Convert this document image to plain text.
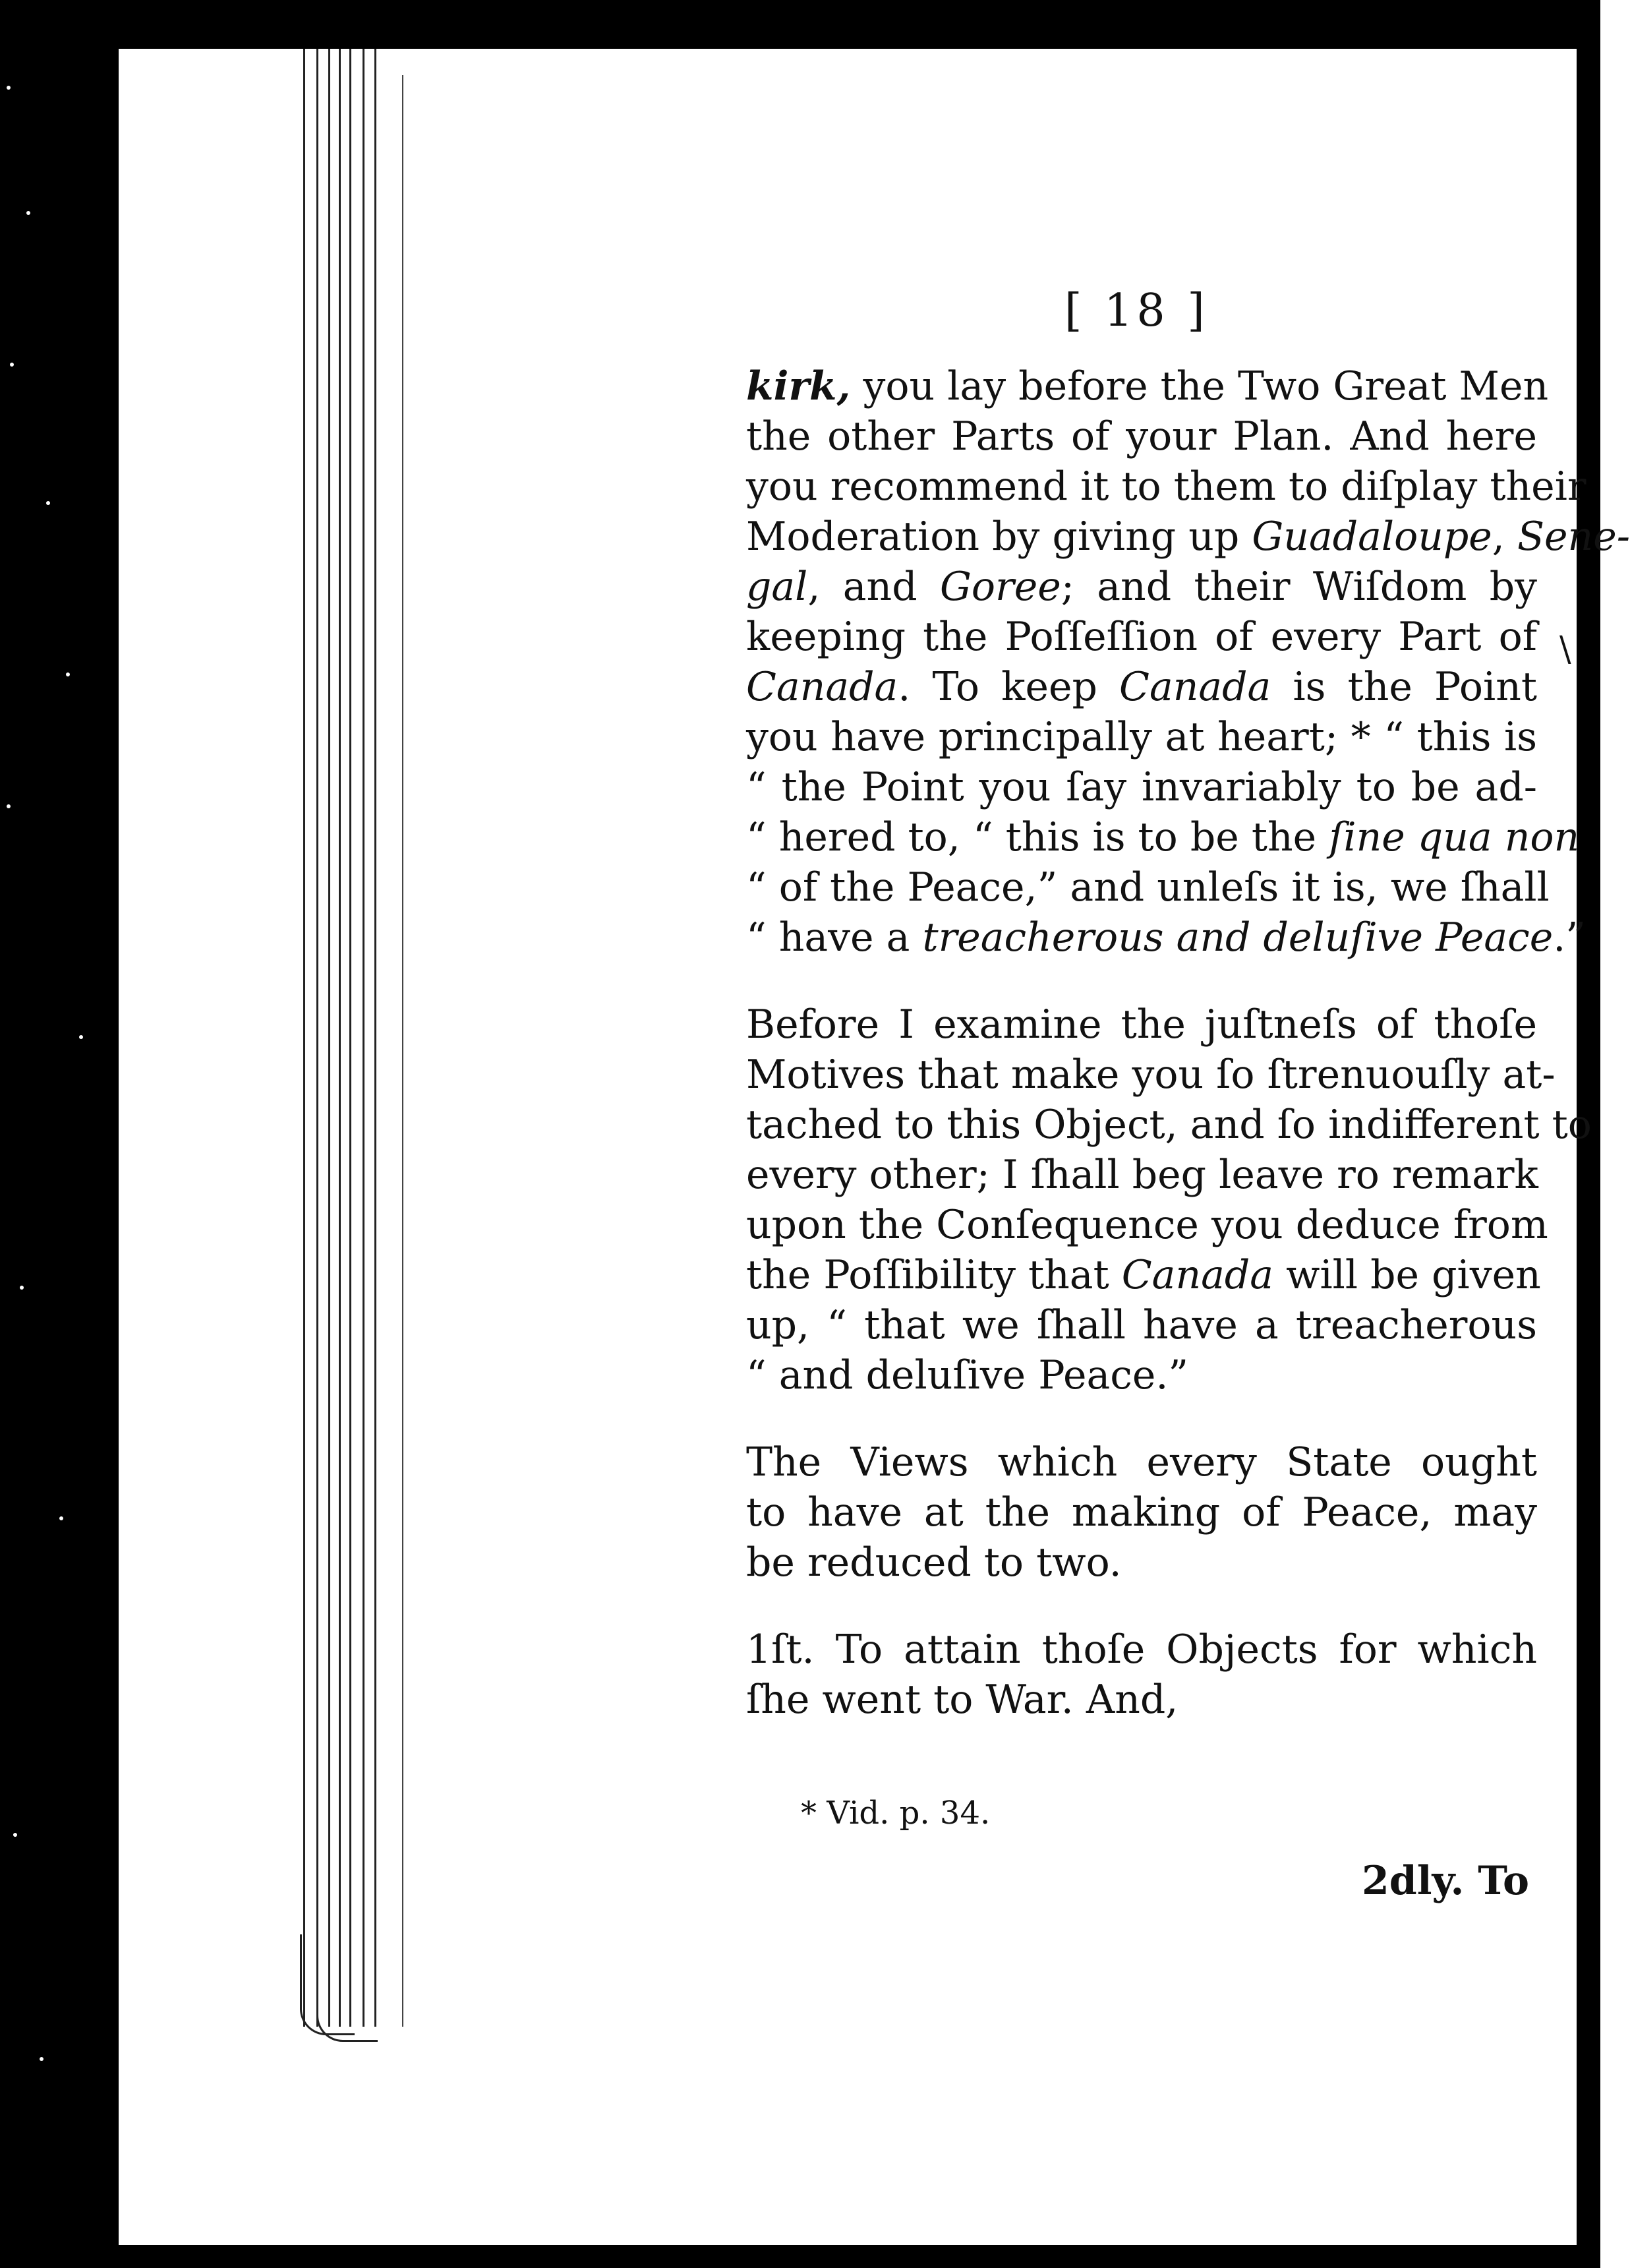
[ 18 ]
kirk, you lay before the Two Great Men
the other Parts of your Plan. And here
you recommend it to them to diſplay their
Moderation by giving up Guadaloupe, Sene-
gal, and Goree; and their Wiſdom by
keeping the Poſſeſſion of every Part of
Canada. To keep Canada is the Point
you have principally at heart; * “ this is
“ the Point you ſay invariably to be ad-
“ hered to, “ this is to be the ſine qua non
“ of the Peace,” and unleſs it is, we ſhall
“ have a treacherous and deluſive Peace.”
Before I examine the juſtneſs of thoſe
Motives that make you ſo ſtrenuouſly at-
tached to this Object, and ſo indifferent to
every other; I ſhall beg leave ro remark
upon the Conſequence you deduce from
the Poſſibility that Canada will be given
up, “ that we ſhall have a treacherous
“ and deluſive Peace.”
The Views which every State ought
to have at the making of Peace, may
be reduced to two.
1ſt. To attain thoſe Objects for which
ſhe went to War. And,
* Vid. p. 34.
2dly. To
\
